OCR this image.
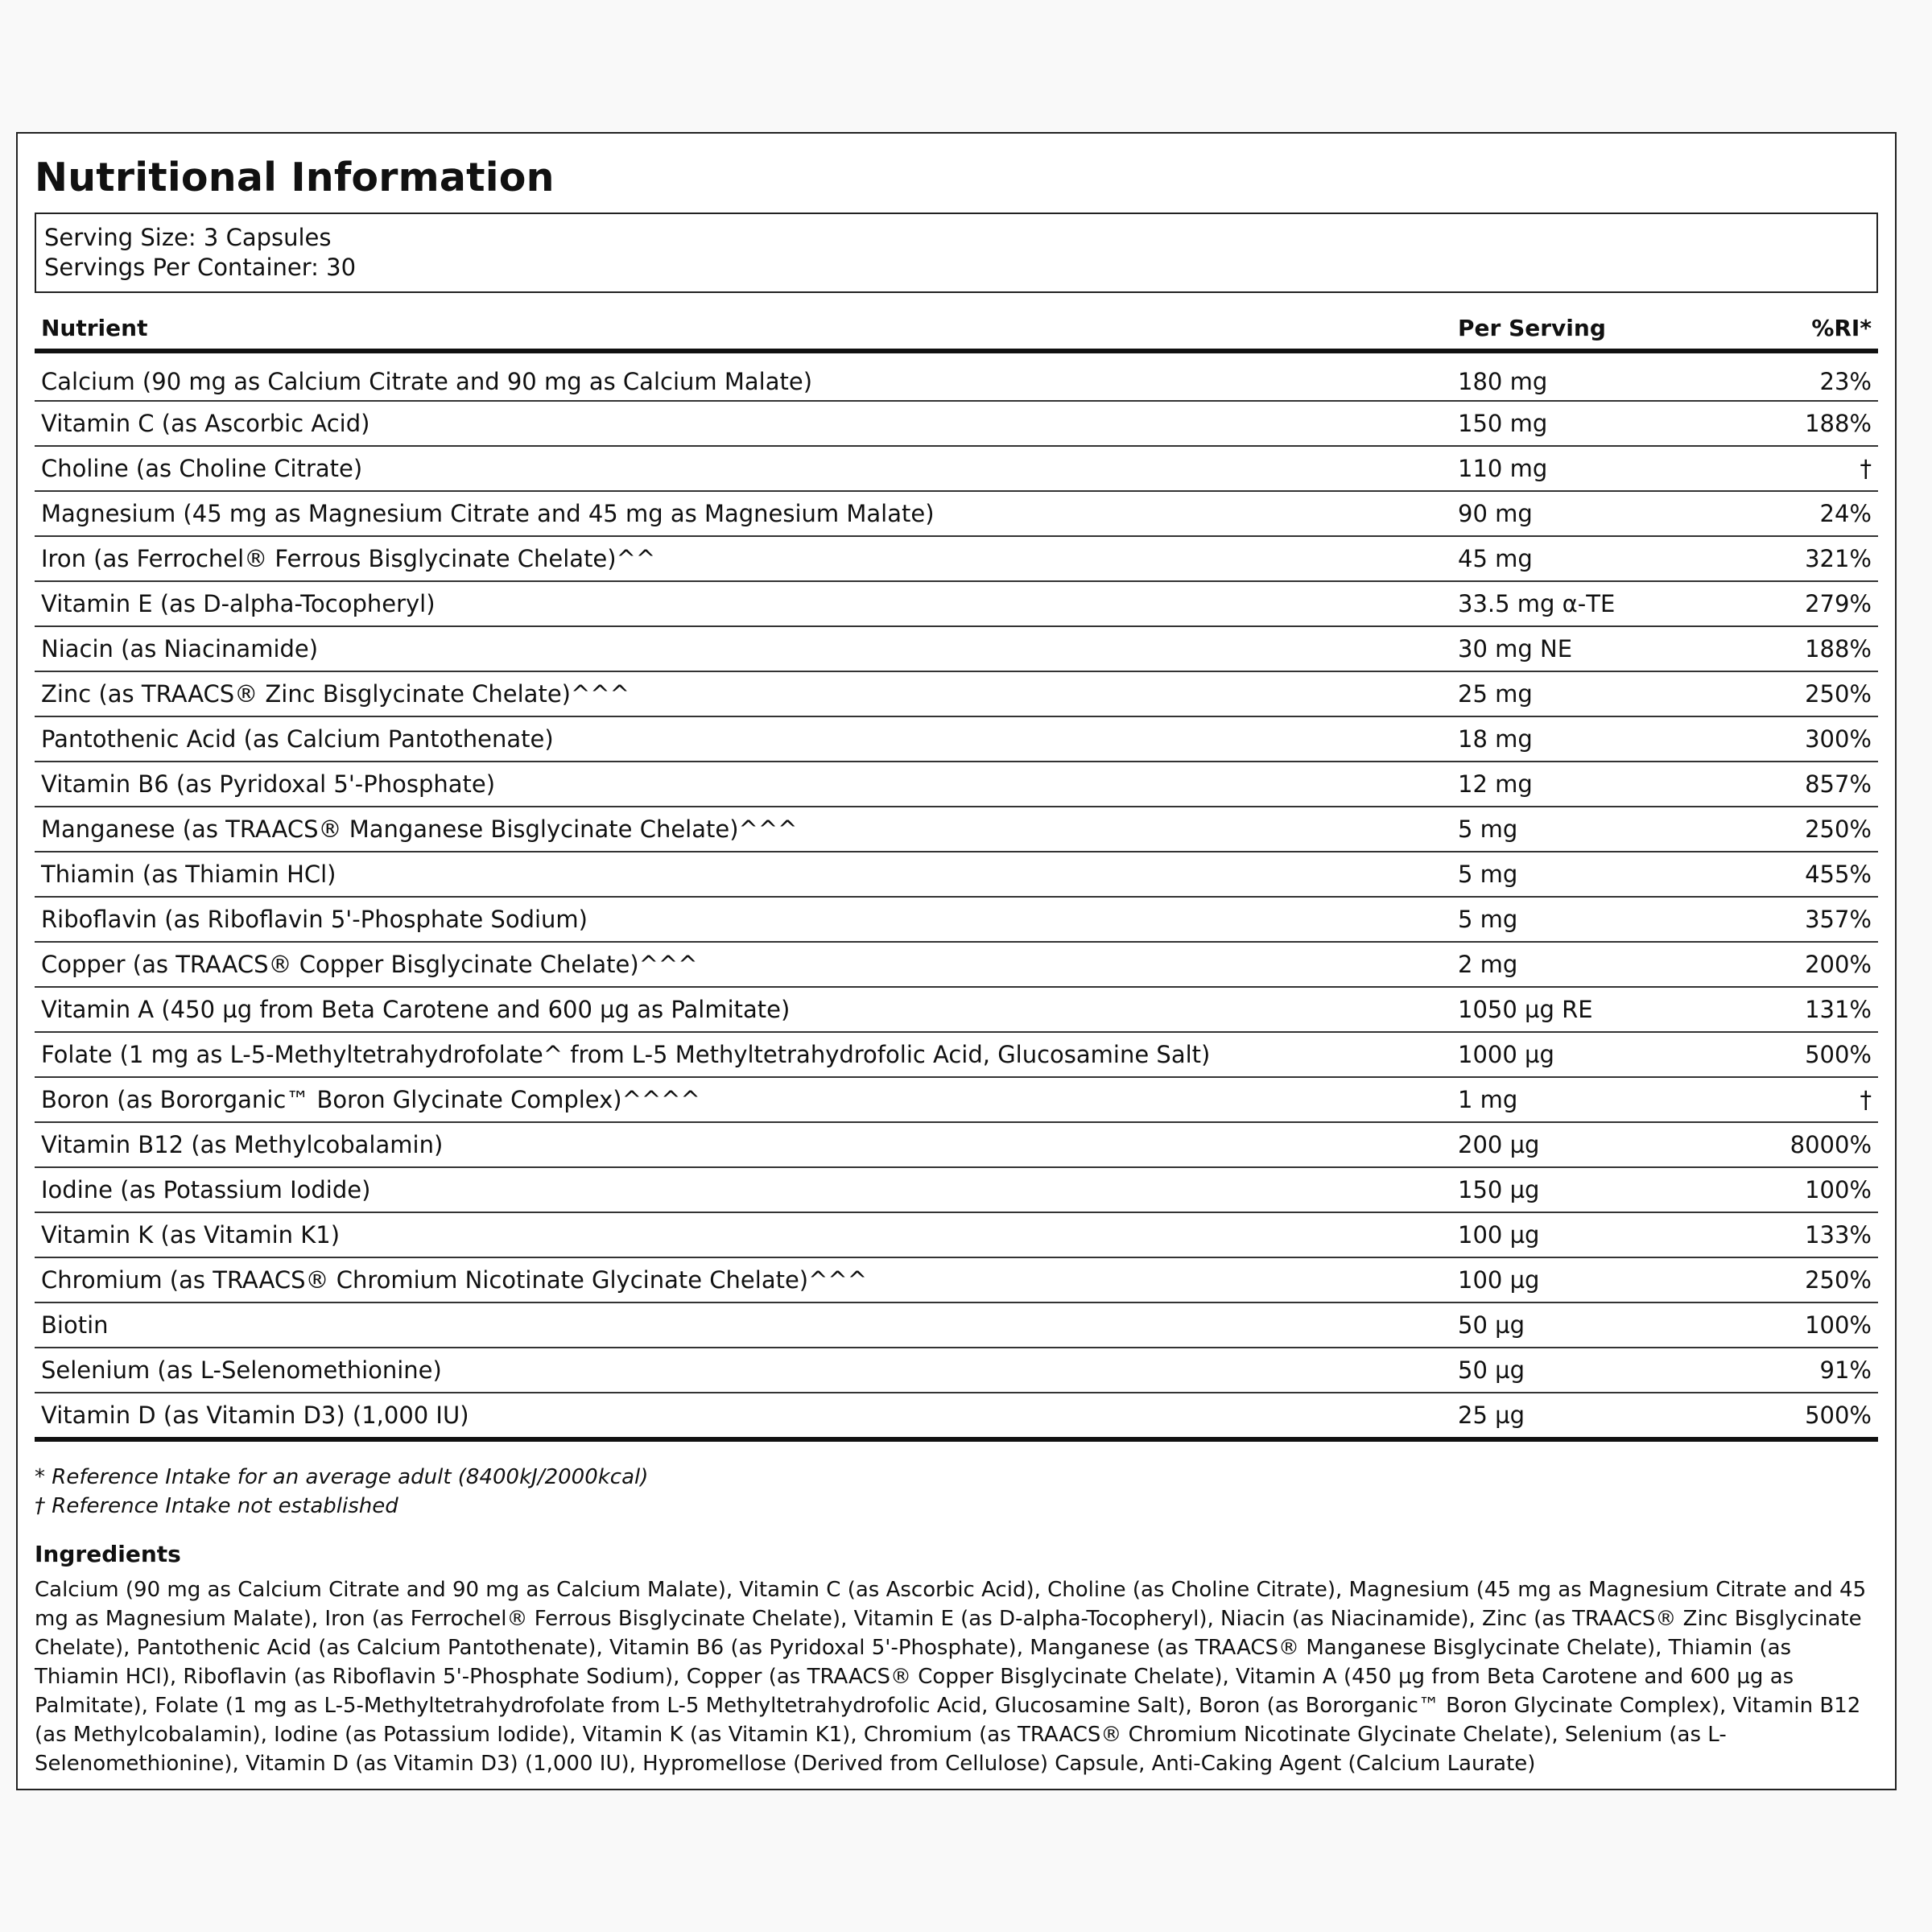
Nutritional Information
Serving Size: 3 Capsules
Servings Per Container: 30
Nutrient	Per Serving	%RI*
Calcium (90 mg as Calcium Citrate and 90 mg as Calcium Malate)	180 mg	23%
Vitamin C (as Ascorbic Acid)	150 mg	188%
Choline (as Choline Citrate)	110 mg	†
Magnesium (45 mg as Magnesium Citrate and 45 mg as Magnesium Malate)	90 mg	24%
Iron (as Ferrochel® Ferrous Bisglycinate Chelate)^^	45 mg	321%
Vitamin E (as D-alpha-Tocopheryl)	33.5 mg α-TE	279%
Niacin (as Niacinamide)	30 mg NE	188%
Zinc (as TRAACS® Zinc Bisglycinate Chelate)^^^	25 mg	250%
Pantothenic Acid (as Calcium Pantothenate)	18 mg	300%
Vitamin B6 (as Pyridoxal 5'-Phosphate)	12 mg	857%
Manganese (as TRAACS® Manganese Bisglycinate Chelate)^^^	5 mg	250%
Thiamin (as Thiamin HCl)	5 mg	455%
Riboflavin (as Riboflavin 5'-Phosphate Sodium)	5 mg	357%
Copper (as TRAACS® Copper Bisglycinate Chelate)^^^	2 mg	200%
Vitamin A (450 µg from Beta Carotene and 600 µg as Palmitate)	1050 µg RE	131%
Folate (1 mg as L-5-Methyltetrahydrofolate^ from L-5 Methyltetrahydrofolic Acid, Glucosamine Salt)	1000 µg	500%
Boron (as Bororganic™ Boron Glycinate Complex)^^^^	1 mg	†
Vitamin B12 (as Methylcobalamin)	200 µg	8000%
Iodine (as Potassium Iodide)	150 µg	100%
Vitamin K (as Vitamin K1)	100 µg	133%
Chromium (as TRAACS® Chromium Nicotinate Glycinate Chelate)^^^	100 µg	250%
Biotin	50 µg	100%
Selenium (as L-Selenomethionine)	50 µg	91%
Vitamin D (as Vitamin D3) (1,000 IU)	25 µg	500%
* Reference Intake for an average adult (8400kJ/2000kcal)
† Reference Intake not established
Ingredients
Calcium (90 mg as Calcium Citrate and 90 mg as Calcium Malate), Vitamin C (as Ascorbic Acid), Choline (as Choline Citrate), Magnesium (45 mg as Magnesium Citrate and 45 mg as Magnesium Malate), Iron (as Ferrochel® Ferrous Bisglycinate Chelate), Vitamin E (as D-alpha-Tocopheryl), Niacin (as Niacinamide), Zinc (as TRAACS® Zinc Bisglycinate Chelate), Pantothenic Acid (as Calcium Pantothenate), Vitamin B6 (as Pyridoxal 5'-Phosphate), Manganese (as TRAACS® Manganese Bisglycinate Chelate), Thiamin (as Thiamin HCl), Riboflavin (as Riboflavin 5'-Phosphate Sodium), Copper (as TRAACS® Copper Bisglycinate Chelate), Vitamin A (450 µg from Beta Carotene and 600 µg as Palmitate), Folate (1 mg as L-5-Methyltetrahydrofolate from L-5 Methyltetrahydrofolic Acid, Glucosamine Salt), Boron (as Bororganic™ Boron Glycinate Complex), Vitamin B12 (as Methylcobalamin), Iodine (as Potassium Iodide), Vitamin K (as Vitamin K1), Chromium (as TRAACS® Chromium Nicotinate Glycinate Chelate), Selenium (as L-Selenomethionine), Vitamin D (as Vitamin D3) (1,000 IU), Hypromellose (Derived from Cellulose) Capsule, Anti-Caking Agent (Calcium Laurate)
